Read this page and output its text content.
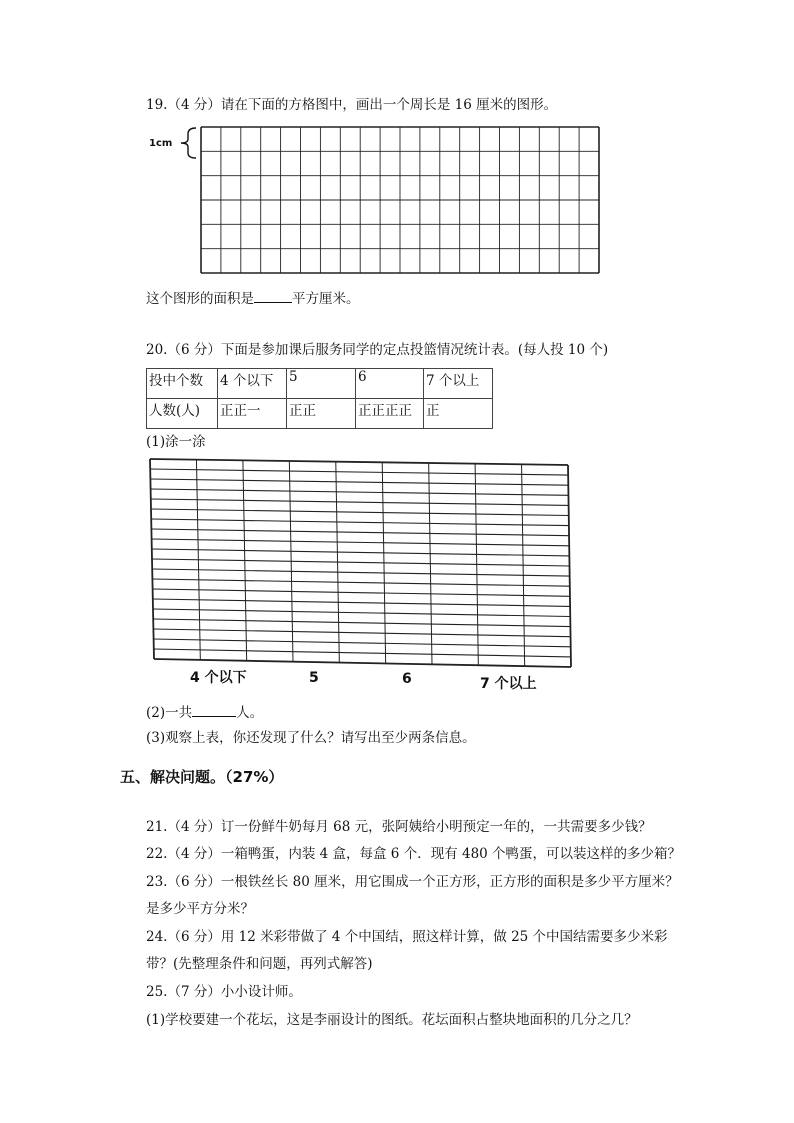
19.（4 分）请在下面的方格图中，画出一个周长是 16 厘米的图形。
1cm
这个图形的面积是	平方厘米。
20.（6 分）下面是参加课后服务同学的定点投篮情况统计表。(每人投 10 个)
投中个数	4 个以下	5	6	7 个以上
人数(人)	正正一	正正	正正正正	正
(1)涂一涂
4 个以下	5	6	7 个以上
(2)一共	人。
(3)观察上表，你还发现了什么？请写出至少两条信息。
五、解决问题。（27%）
21.（4 分）订一份鲜牛奶每月 68 元，张阿姨给小明预定一年的，一共需要多少钱？
22.（4 分）一箱鸭蛋，内装 4 盒，每盒 6 个．现有 480 个鸭蛋，可以装这样的多少箱？
23.（6 分）一根铁丝长 80 厘米，用它围成一个正方形，正方形的面积是多少平方厘米？
是多少平方分米？
24.（6 分）用 12 米彩带做了 4 个中国结，照这样计算，做 25 个中国结需要多少米彩
带？(先整理条件和问题，再列式解答)
25.（7 分）小小设计师。
(1)学校要建一个花坛，这是李丽设计的图纸。花坛面积占整块地面积的几分之几？
